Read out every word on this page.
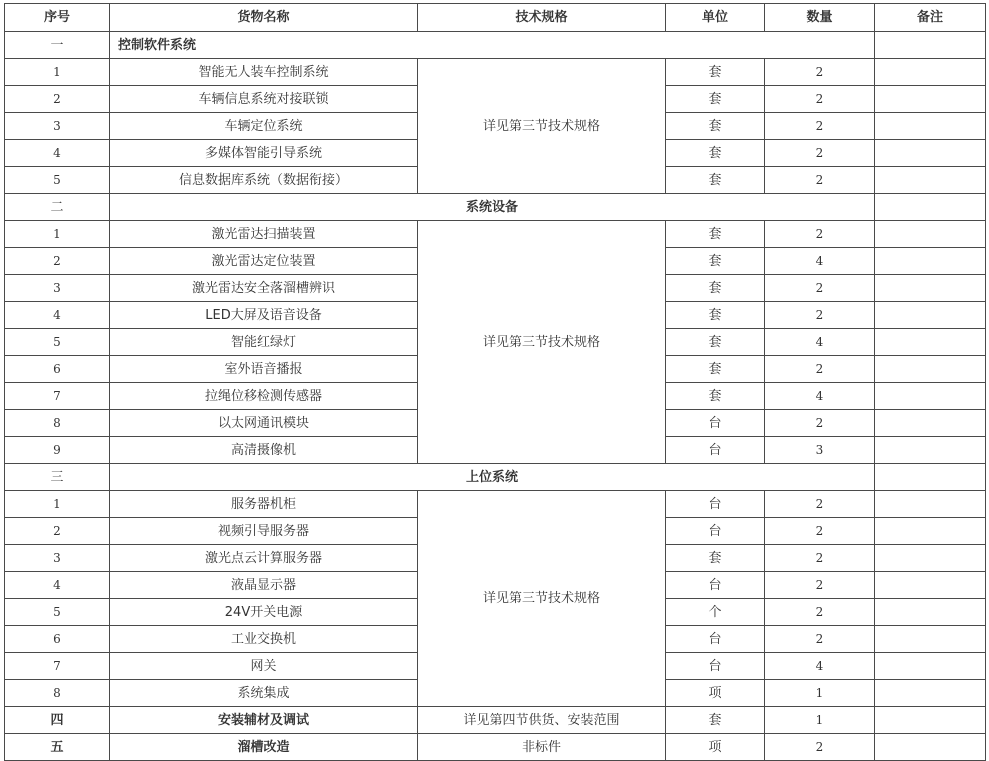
序号	货物名称	技术规格	单位	数量	备注
一	控制软件系统				
1	智能无人装车控制系统	详见第三节技术规格	套	2	
2	车辆信息系统对接联锁		套	2	
3	车辆定位系统		套	2	
4	多媒体智能引导系统		套	2	
5	信息数据库系统（数据衔接）		套	2	
二	系统设备				
1	激光雷达扫描装置	详见第三节技术规格	套	2	
2	激光雷达定位装置		套	4	
3	激光雷达安全落溜槽辨识		套	2	
4	LED大屏及语音设备		套	2	
5	智能红绿灯		套	4	
6	室外语音播报		套	2	
7	拉绳位移检测传感器		套	4	
8	以太网通讯模块		台	2	
9	高清摄像机		台	3	
三	上位系统				
1	服务器机柜	详见第三节技术规格	台	2	
2	视频引导服务器		台	2	
3	激光点云计算服务器		套	2	
4	液晶显示器		台	2	
5	24V开关电源		个	2	
6	工业交换机		台	2	
7	网关		台	4	
8	系统集成		项	1	
四	安装辅材及调试	详见第四节供货、安装范围	套	1	
五	溜槽改造	非标件	项	2	
